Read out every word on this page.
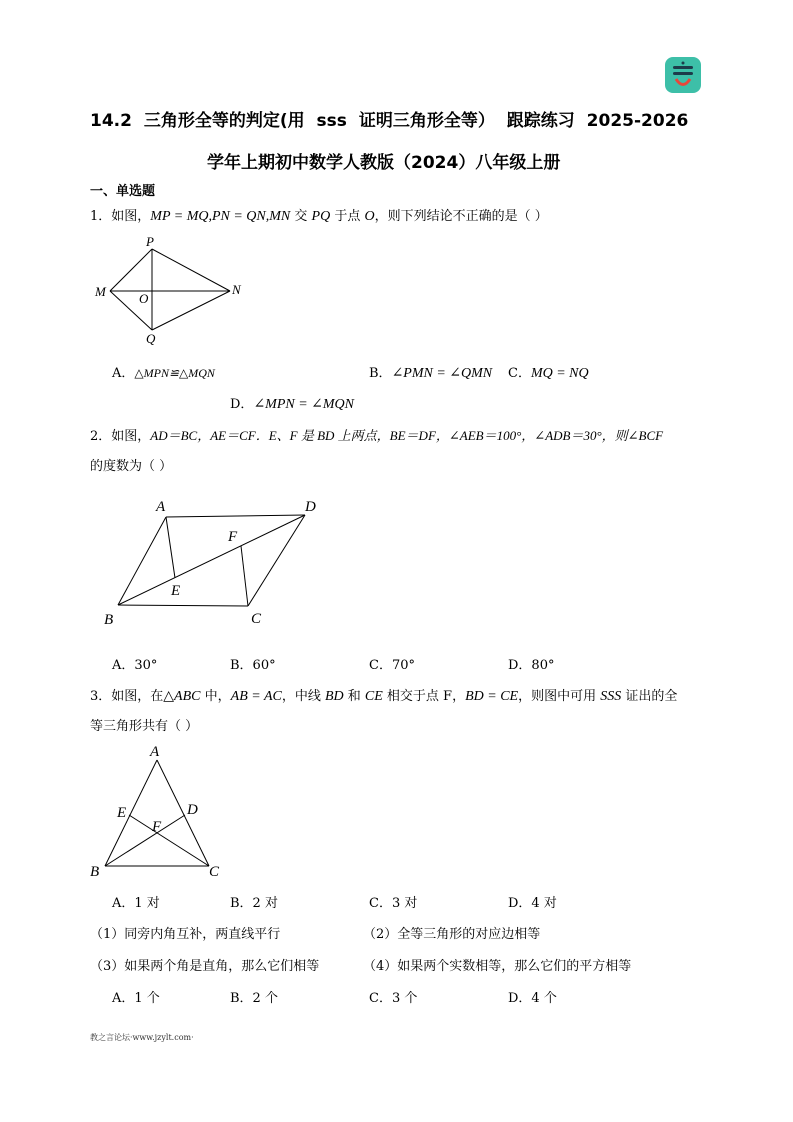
14.2 三角形全等的判定(用 sss 证明三角形全等） 跟踪练习 2025-2026
学年上期初中数学人教版（2024）八年级上册
一、单选题
1．如图，MP = MQ,PN = QN,MN 交 PQ 于点 O，则下列结论不正确的是（ ）
P
M	O
N
Q
A．△MPN≌△MQN	B．∠PMN = ∠QMN C．MQ = NQ
D．∠MPN = ∠MQN
2．如图，AD＝BC，AE＝CF．E、F 是 BD 上两点，BE＝DF，∠AEB＝100°，∠ADB＝30°，则∠BCF
的度数为（ ）
A	D
F
E
B	C
A．30°	B．60°	C．70°	D．80°
3．如图，在△ABC 中，AB = AC，中线 BD 和 CE 相交于点 F，BD = CE，则图中可用 SSS 证出的全
等三角形共有（ ）
A
E	D
F
B	C
A．1 对	B．2 对	C．3 对	D．4 对
（1）同旁内角互补，两直线平行	（2）全等三角形的对应边相等
（3）如果两个角是直角，那么它们相等	（4）如果两个实数相等，那么它们的平方相等
A．1 个	B．2 个	C．3 个	D．4 个
教之言论坛·www.jzylt.com·
